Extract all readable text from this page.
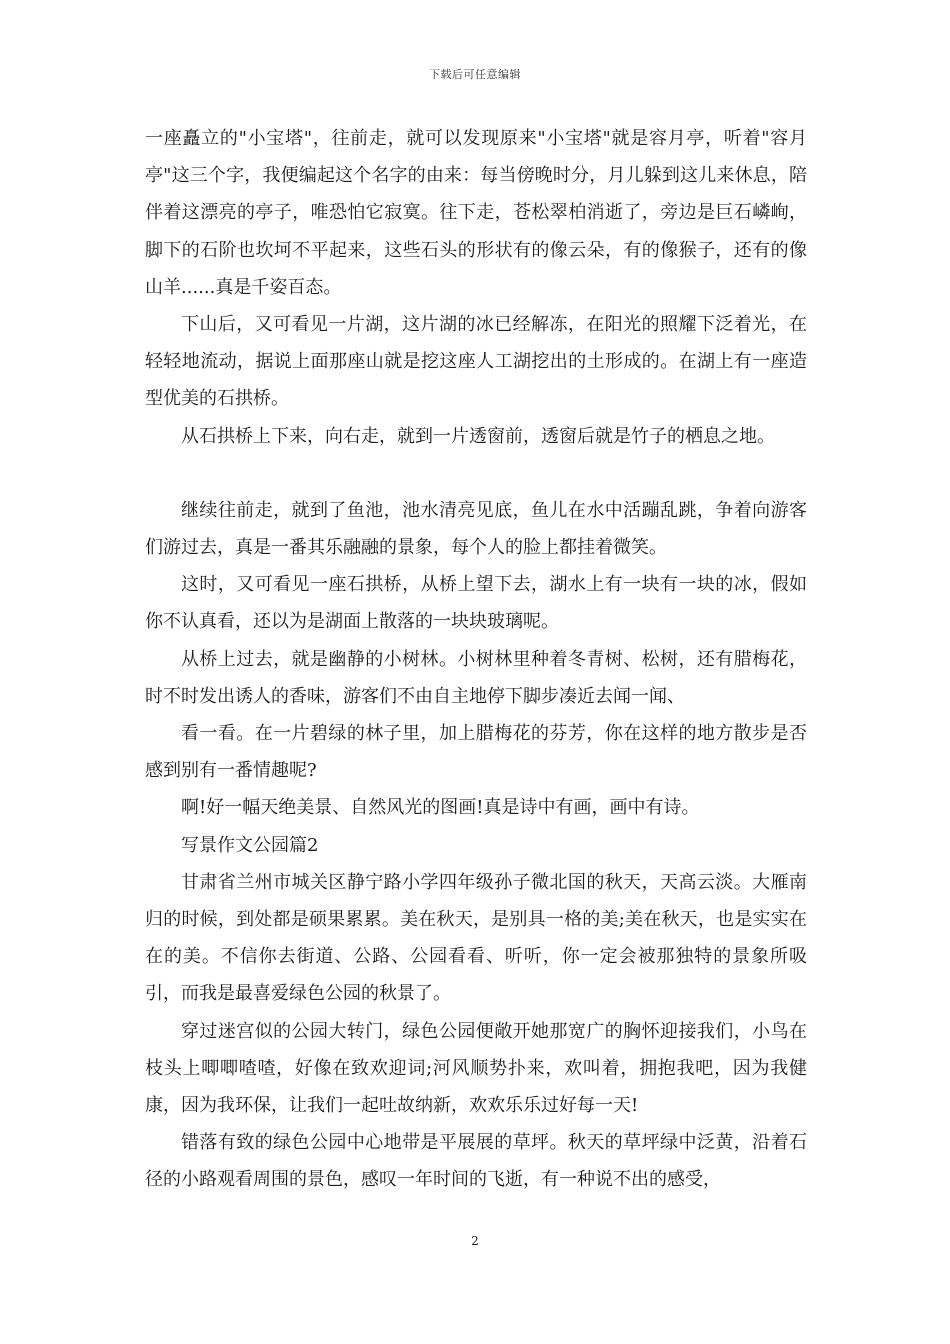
下载后可任意编辑

一座矗立的"小宝塔"，往前走，就可以发现原来"小宝塔"就是容月亭，听着"容月亭"这三个字，我便编起这个名字的由来：每当傍晚时分，月儿躲到这儿来休息，陪伴着这漂亮的亭子，唯恐怕它寂寞。往下走，苍松翠柏消逝了，旁边是巨石嶙峋，脚下的石阶也坎坷不平起来，这些石头的形状有的像云朵，有的像猴子，还有的像山羊......真是千姿百态。

下山后，又可看见一片湖，这片湖的冰已经解冻，在阳光的照耀下泛着光，在轻轻地流动，据说上面那座山就是挖这座人工湖挖出的土形成的。在湖上有一座造型优美的石拱桥。

从石拱桥上下来，向右走，就到一片透窗前，透窗后就是竹子的栖息之地。

继续往前走，就到了鱼池，池水清亮见底，鱼儿在水中活蹦乱跳，争着向游客们游过去，真是一番其乐融融的景象，每个人的脸上都挂着微笑。

这时，又可看见一座石拱桥，从桥上望下去，湖水上有一块有一块的冰，假如你不认真看，还以为是湖面上散落的一块块玻璃呢。

从桥上过去，就是幽静的小树林。小树林里种着冬青树、松树，还有腊梅花，时不时发出诱人的香味，游客们不由自主地停下脚步凑近去闻一闻、

看一看。在一片碧绿的林子里，加上腊梅花的芬芳，你在这样的地方散步是否感到别有一番情趣呢?

啊!好一幅天绝美景、自然风光的图画!真是诗中有画，画中有诗。

写景作文公园篇2

甘肃省兰州市城关区静宁路小学四年级孙子微北国的秋天，天高云淡。大雁南归的时候，到处都是硕果累累。美在秋天，是别具一格的美;美在秋天，也是实实在在的美。不信你去街道、公路、公园看看、听听，你一定会被那独特的景象所吸引，而我是最喜爱绿色公园的秋景了。

穿过迷宫似的公园大转门，绿色公园便敞开她那宽广的胸怀迎接我们，小鸟在枝头上唧唧喳喳，好像在致欢迎词;河风顺势扑来，欢叫着，拥抱我吧，因为我健康，因为我环保，让我们一起吐故纳新，欢欢乐乐过好每一天!

错落有致的绿色公园中心地带是平展展的草坪。秋天的草坪绿中泛黄，沿着石径的小路观看周围的景色，感叹一年时间的飞逝，有一种说不出的感受，

2
